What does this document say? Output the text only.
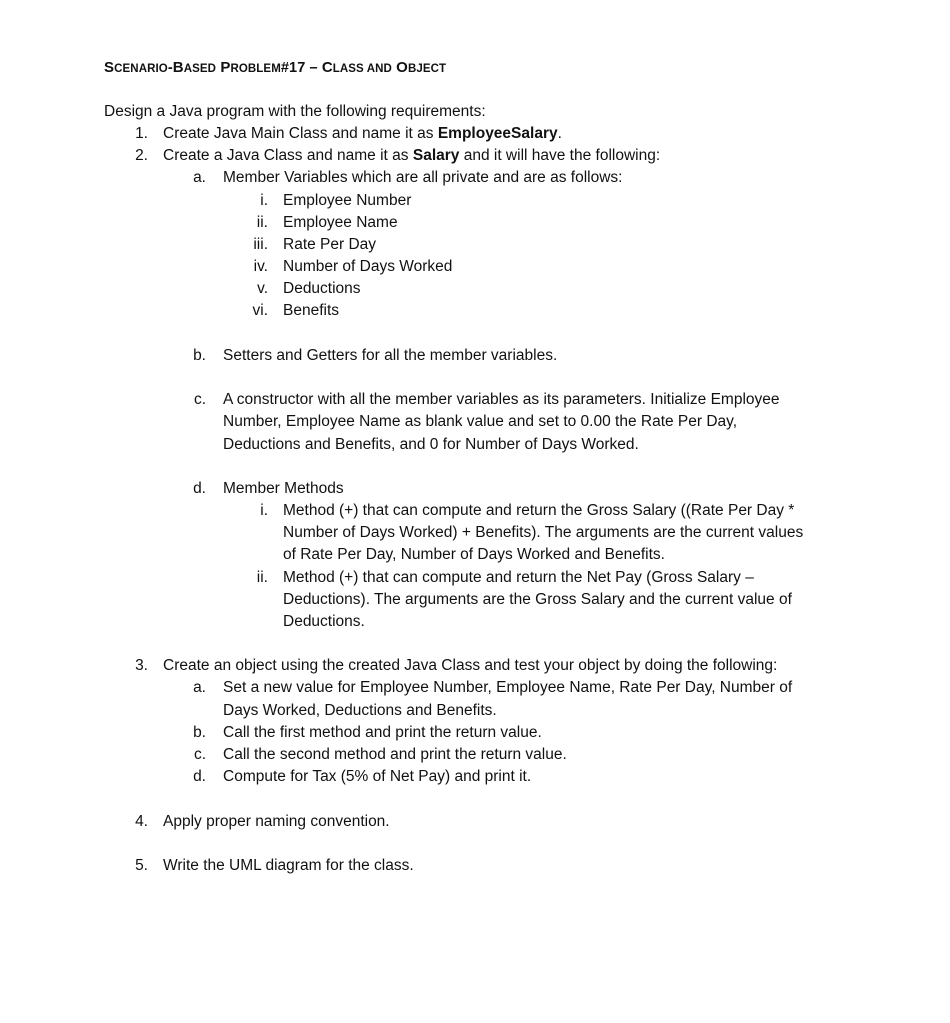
SCENARIO-BASED PROBLEM#17 – CLASS AND OBJECT
Design a Java program with the following requirements:
1. Create Java Main Class and name it as EmployeeSalary.
2. Create a Java Class and name it as Salary and it will have the following:
a. Member Variables which are all private and are as follows:
i. Employee Number
ii. Employee Name
iii. Rate Per Day
iv. Number of Days Worked
v. Deductions
vi. Benefits
b. Setters and Getters for all the member variables.
c. A constructor with all the member variables as its parameters. Initialize Employee
Number, Employee Name as blank value and set to 0.00 the Rate Per Day,
Deductions and Benefits, and 0 for Number of Days Worked.
d. Member Methods
i. Method (+) that can compute and return the Gross Salary ((Rate Per Day *
Number of Days Worked) + Benefits). The arguments are the current values
of Rate Per Day, Number of Days Worked and Benefits.
ii. Method (+) that can compute and return the Net Pay (Gross Salary –
Deductions). The arguments are the Gross Salary and the current value of
Deductions.
3. Create an object using the created Java Class and test your object by doing the following:
a. Set a new value for Employee Number, Employee Name, Rate Per Day, Number of
Days Worked, Deductions and Benefits.
b. Call the first method and print the return value.
c. Call the second method and print the return value.
d. Compute for Tax (5% of Net Pay) and print it.
4. Apply proper naming convention.
5. Write the UML diagram for the class.
